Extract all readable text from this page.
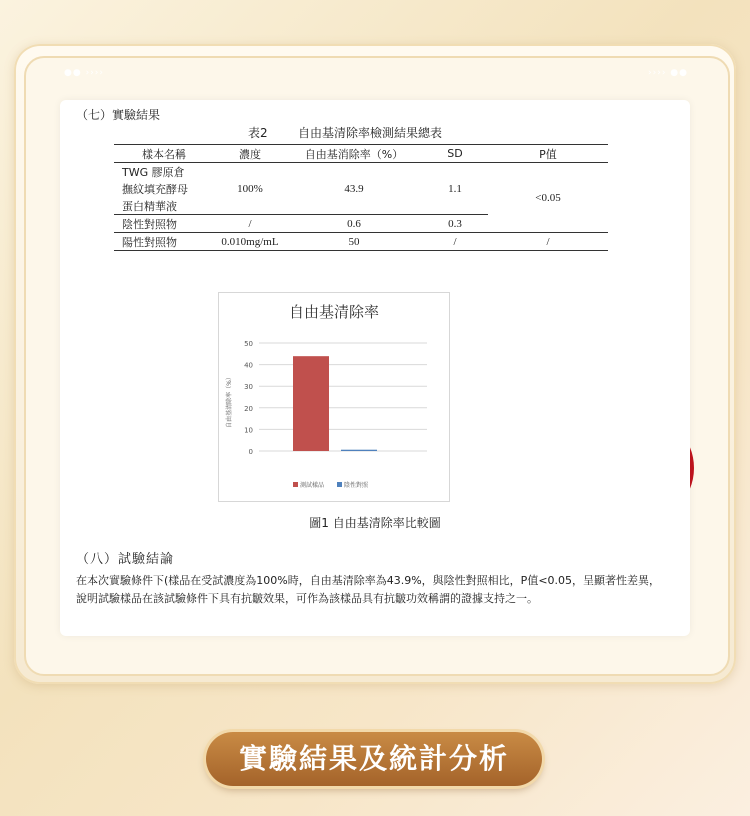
●● ››››	›››› ●●
（七）實驗結果
表2	自由基清除率檢測結果總表
樣本名稱	濃度	自由基消除率（%）	SD	P值
TWG 膠原倉	100%	43.9	1.1	<0.05
撫紋填充酵母				
蛋白精華液				
陰性對照物	/	0.6	0.3	
陽性對照物	0.010mg/mL	50	/	/
自由基清除率
自由基清除率（%）
0
10
20
30
40
50
測試樣品	陰性對照
圖1 自由基清除率比較圖
（八）試驗結論
在本次實驗條件下(樣品在受試濃度為100%時，自由基清除率為43.9%，與陰性對照相比，P值<0.05，呈顯著性差異，說明試驗樣品在該試驗條件下具有抗皺效果，可作為該樣品具有抗皺功效稱謂的證據支持之一。
實驗結果及統計分析
